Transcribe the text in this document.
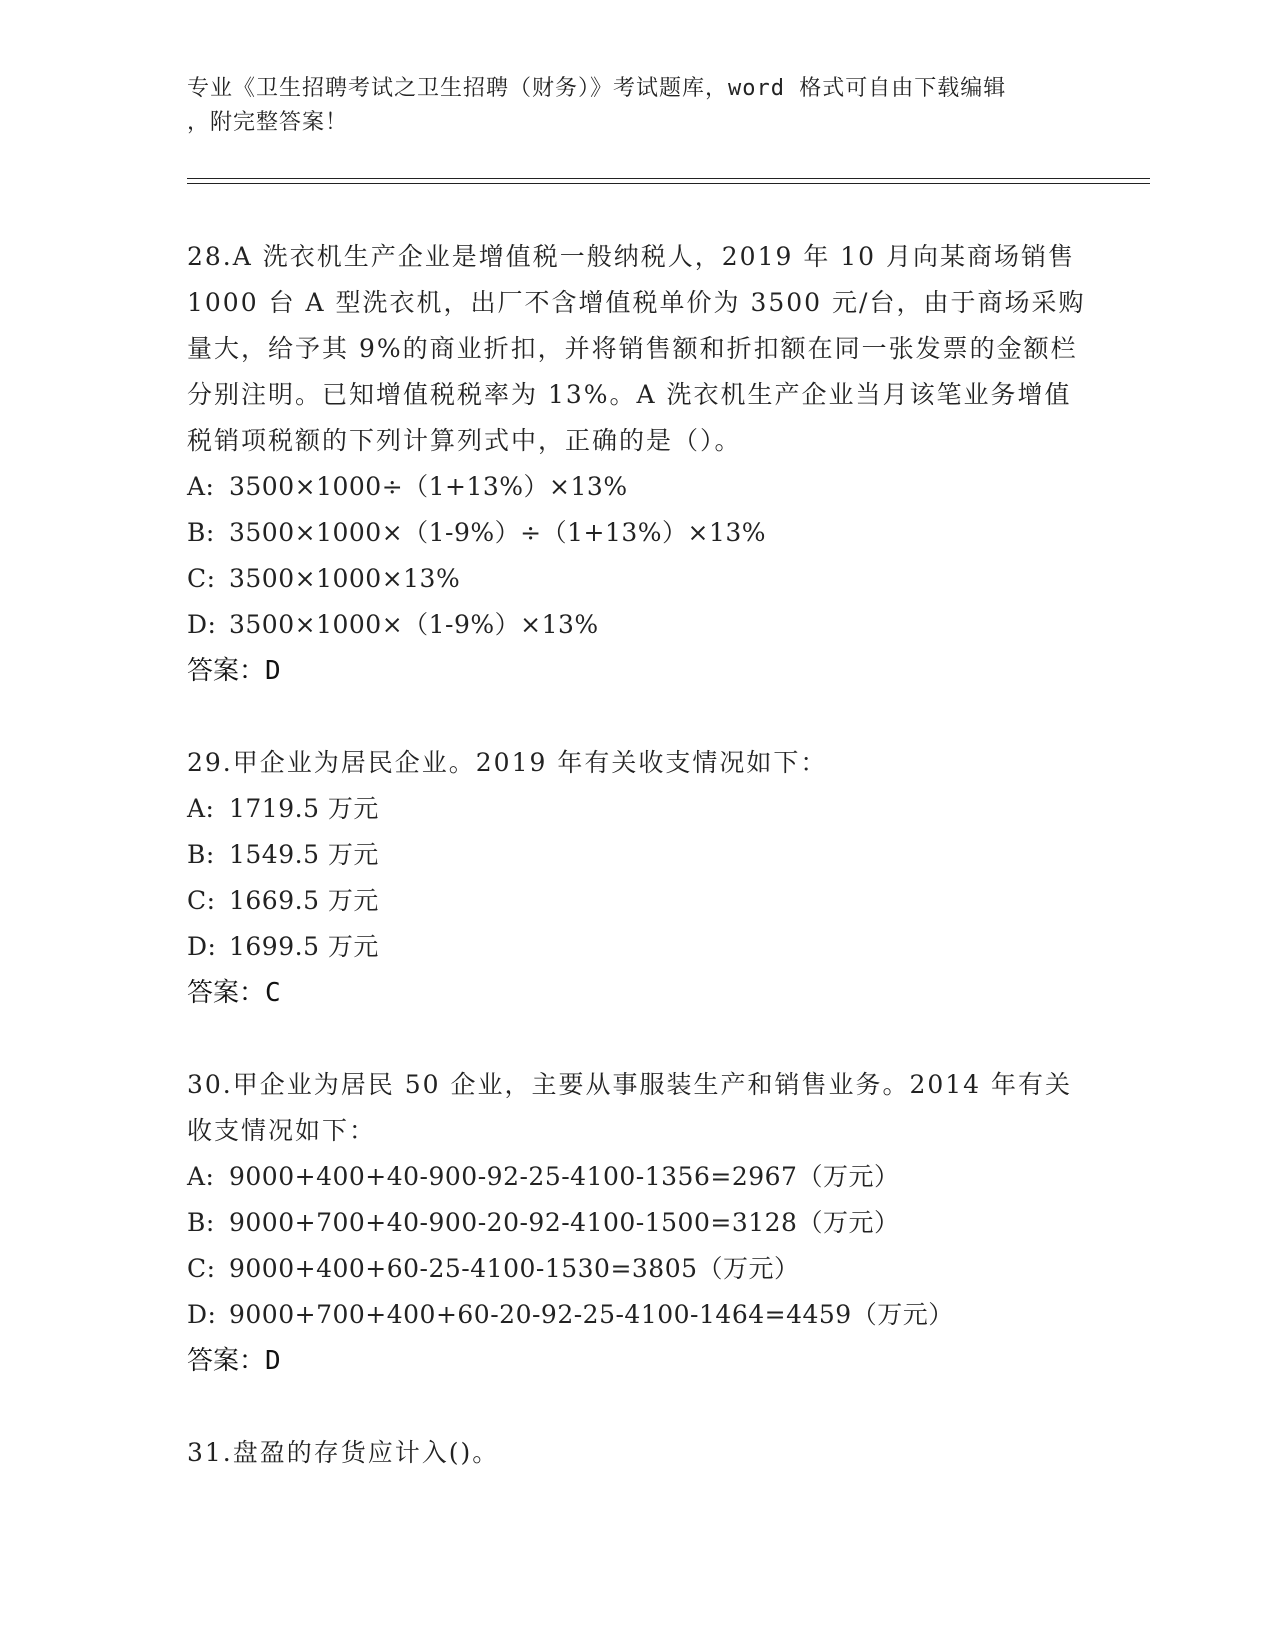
专业《卫生招聘考试之卫生招聘（财务）》考试题库，word 格式可自由下载编辑
，附完整答案！

28.A 洗衣机生产企业是增值税一般纳税人，2019 年 10 月向某商场销售 1000 台 A 型洗衣机，出厂不含增值税单价为 3500 元/台，由于商场采购量大，给予其 9%的商业折扣，并将销售额和折扣额在同一张发票的金额栏分别注明。已知增值税税率为 13%。A 洗衣机生产企业当月该笔业务增值税销项税额的下列计算列式中，正确的是（）。

A: 3500×1000÷（1+13%）×13%

B: 3500×1000×（1-9%）÷（1+13%）×13%

C: 3500×1000×13%

D: 3500×1000×（1-9%）×13%

答案：D

29.甲企业为居民企业。2019 年有关收支情况如下：

A: 1719.5 万元

B: 1549.5 万元

C: 1669.5 万元

D: 1699.5 万元

答案：C

30.甲企业为居民 50 企业，主要从事服装生产和销售业务。2014 年有关收支情况如下：

A: 9000+400+40-900-92-25-4100-1356=2967（万元）

B: 9000+700+40-900-20-92-4100-1500=3128（万元）

C: 9000+400+60-25-4100-1530=3805（万元）

D: 9000+700+400+60-20-92-25-4100-1464=4459（万元）

答案：D

31.盘盈的存货应计入()。
